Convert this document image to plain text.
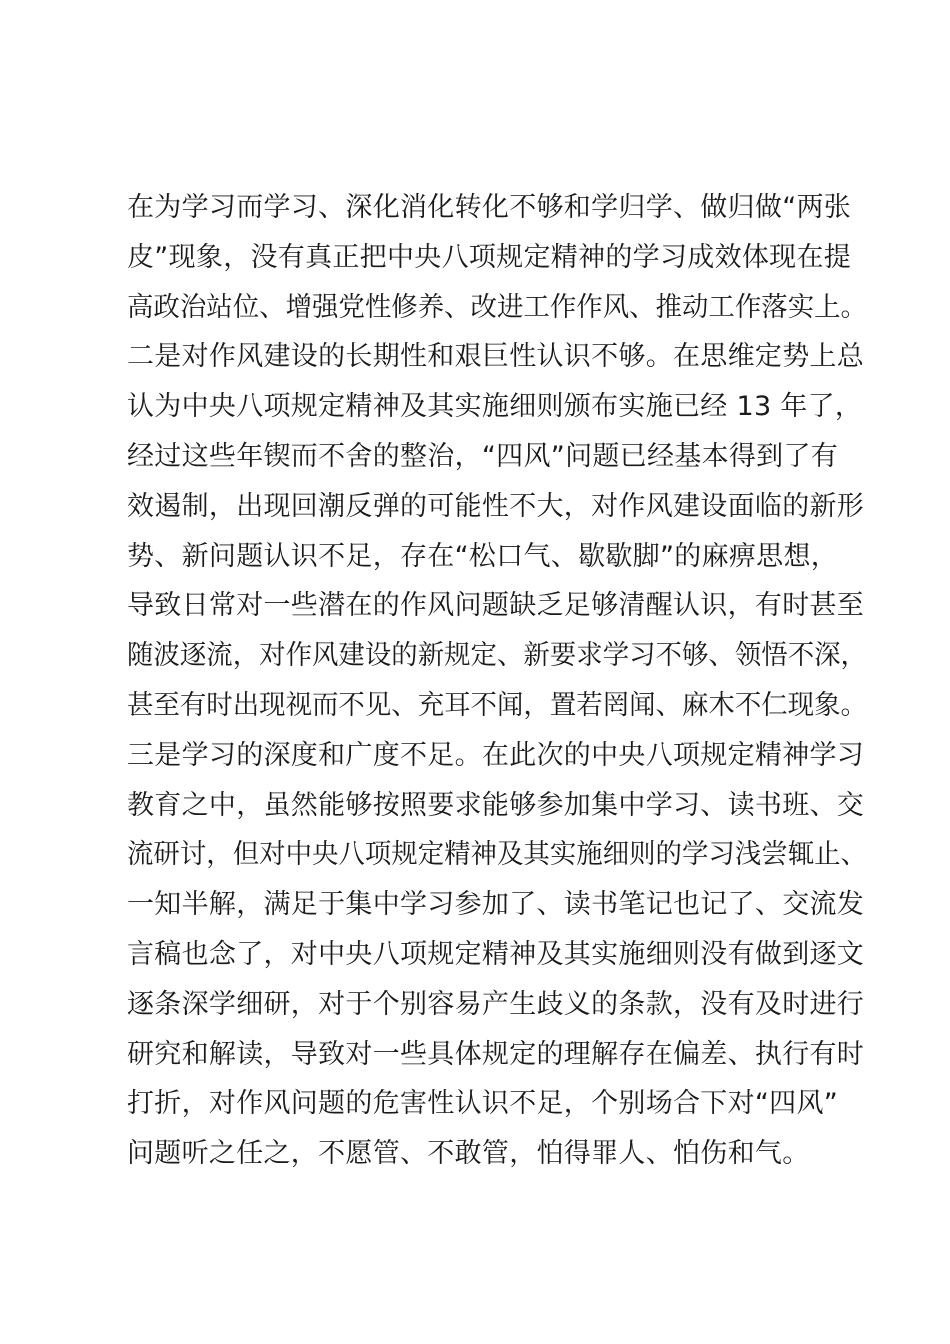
在为学习而学习、深化消化转化不够和学归学、做归做“两张
皮”现象，没有真正把中央八项规定精神的学习成效体现在提
高政治站位、增强党性修养、改进工作作风、推动工作落实上。
二是对作风建设的长期性和艰巨性认识不够。在思维定势上总
认为中央八项规定精神及其实施细则颁布实施已经 13 年了，
经过这些年锲而不舍的整治，“四风”问题已经基本得到了有
效遏制，出现回潮反弹的可能性不大，对作风建设面临的新形
势、新问题认识不足，存在“松口气、歇歇脚”的麻痹思想，
导致日常对一些潜在的作风问题缺乏足够清醒认识，有时甚至
随波逐流，对作风建设的新规定、新要求学习不够、领悟不深，
甚至有时出现视而不见、充耳不闻，置若罔闻、麻木不仁现象。
三是学习的深度和广度不足。在此次的中央八项规定精神学习
教育之中，虽然能够按照要求能够参加集中学习、读书班、交
流研讨，但对中央八项规定精神及其实施细则的学习浅尝辄止、
一知半解，满足于集中学习参加了、读书笔记也记了、交流发
言稿也念了，对中央八项规定精神及其实施细则没有做到逐文
逐条深学细研，对于个别容易产生歧义的条款，没有及时进行
研究和解读，导致对一些具体规定的理解存在偏差、执行有时
打折，对作风问题的危害性认识不足，个别场合下对“四风”
问题听之任之，不愿管、不敢管，怕得罪人、怕伤和气。
